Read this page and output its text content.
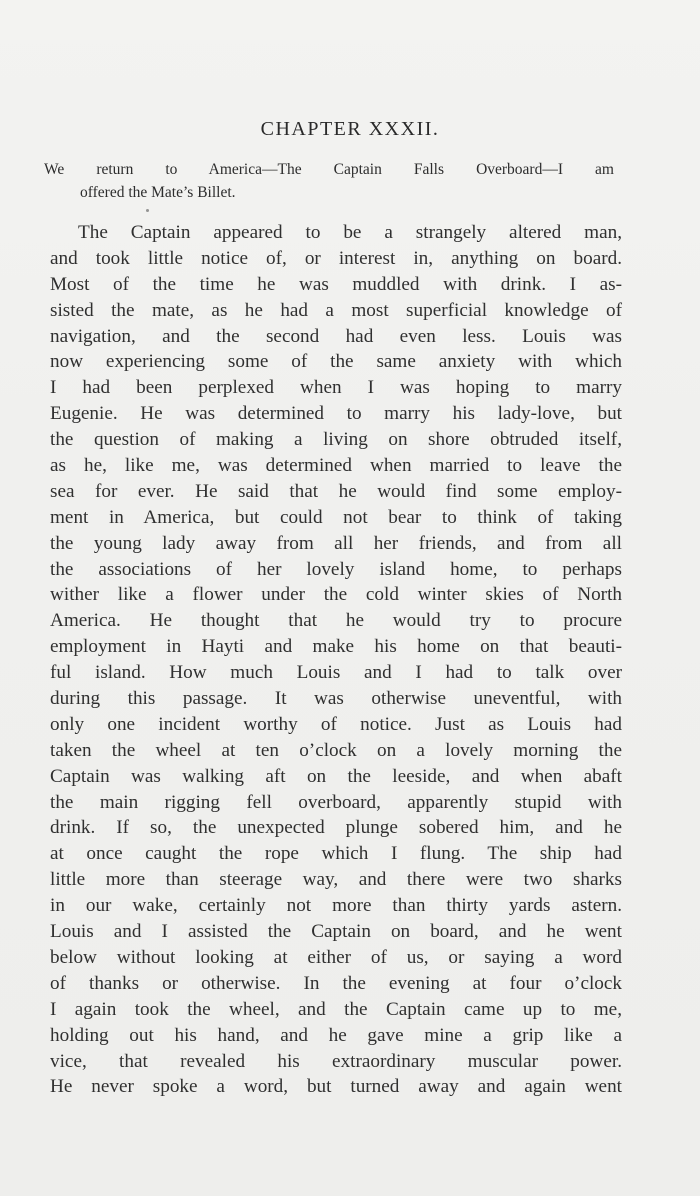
CHAPTER XXXII.
We return to America—The Captain Falls Overboard—I am
offered the Mate’s Billet.
The Captain appeared to be a strangely altered man,
and took little notice of, or interest in, anything on board.
Most of the time he was muddled with drink. I as-
sisted the mate, as he had a most superficial knowledge of
navigation, and the second had even less. Louis was
now experiencing some of the same anxiety with which
I had been perplexed when I was hoping to marry
Eugenie. He was determined to marry his lady-love, but
the question of making a living on shore obtruded itself,
as he, like me, was determined when married to leave the
sea for ever. He said that he would find some employ-
ment in America, but could not bear to think of taking
the young lady away from all her friends, and from all
the associations of her lovely island home, to perhaps
wither like a flower under the cold winter skies of North
America. He thought that he would try to procure
employment in Hayti and make his home on that beauti-
ful island. How much Louis and I had to talk over
during this passage. It was otherwise uneventful, with
only one incident worthy of notice. Just as Louis had
taken the wheel at ten o’clock on a lovely morning the
Captain was walking aft on the leeside, and when abaft
the main rigging fell overboard, apparently stupid with
drink. If so, the unexpected plunge sobered him, and he
at once caught the rope which I flung. The ship had
little more than steerage way, and there were two sharks
in our wake, certainly not more than thirty yards astern.
Louis and I assisted the Captain on board, and he went
below without looking at either of us, or saying a word
of thanks or otherwise. In the evening at four o’clock
I again took the wheel, and the Captain came up to me,
holding out his hand, and he gave mine a grip like a
vice, that revealed his extraordinary muscular power.
He never spoke a word, but turned away and again went
